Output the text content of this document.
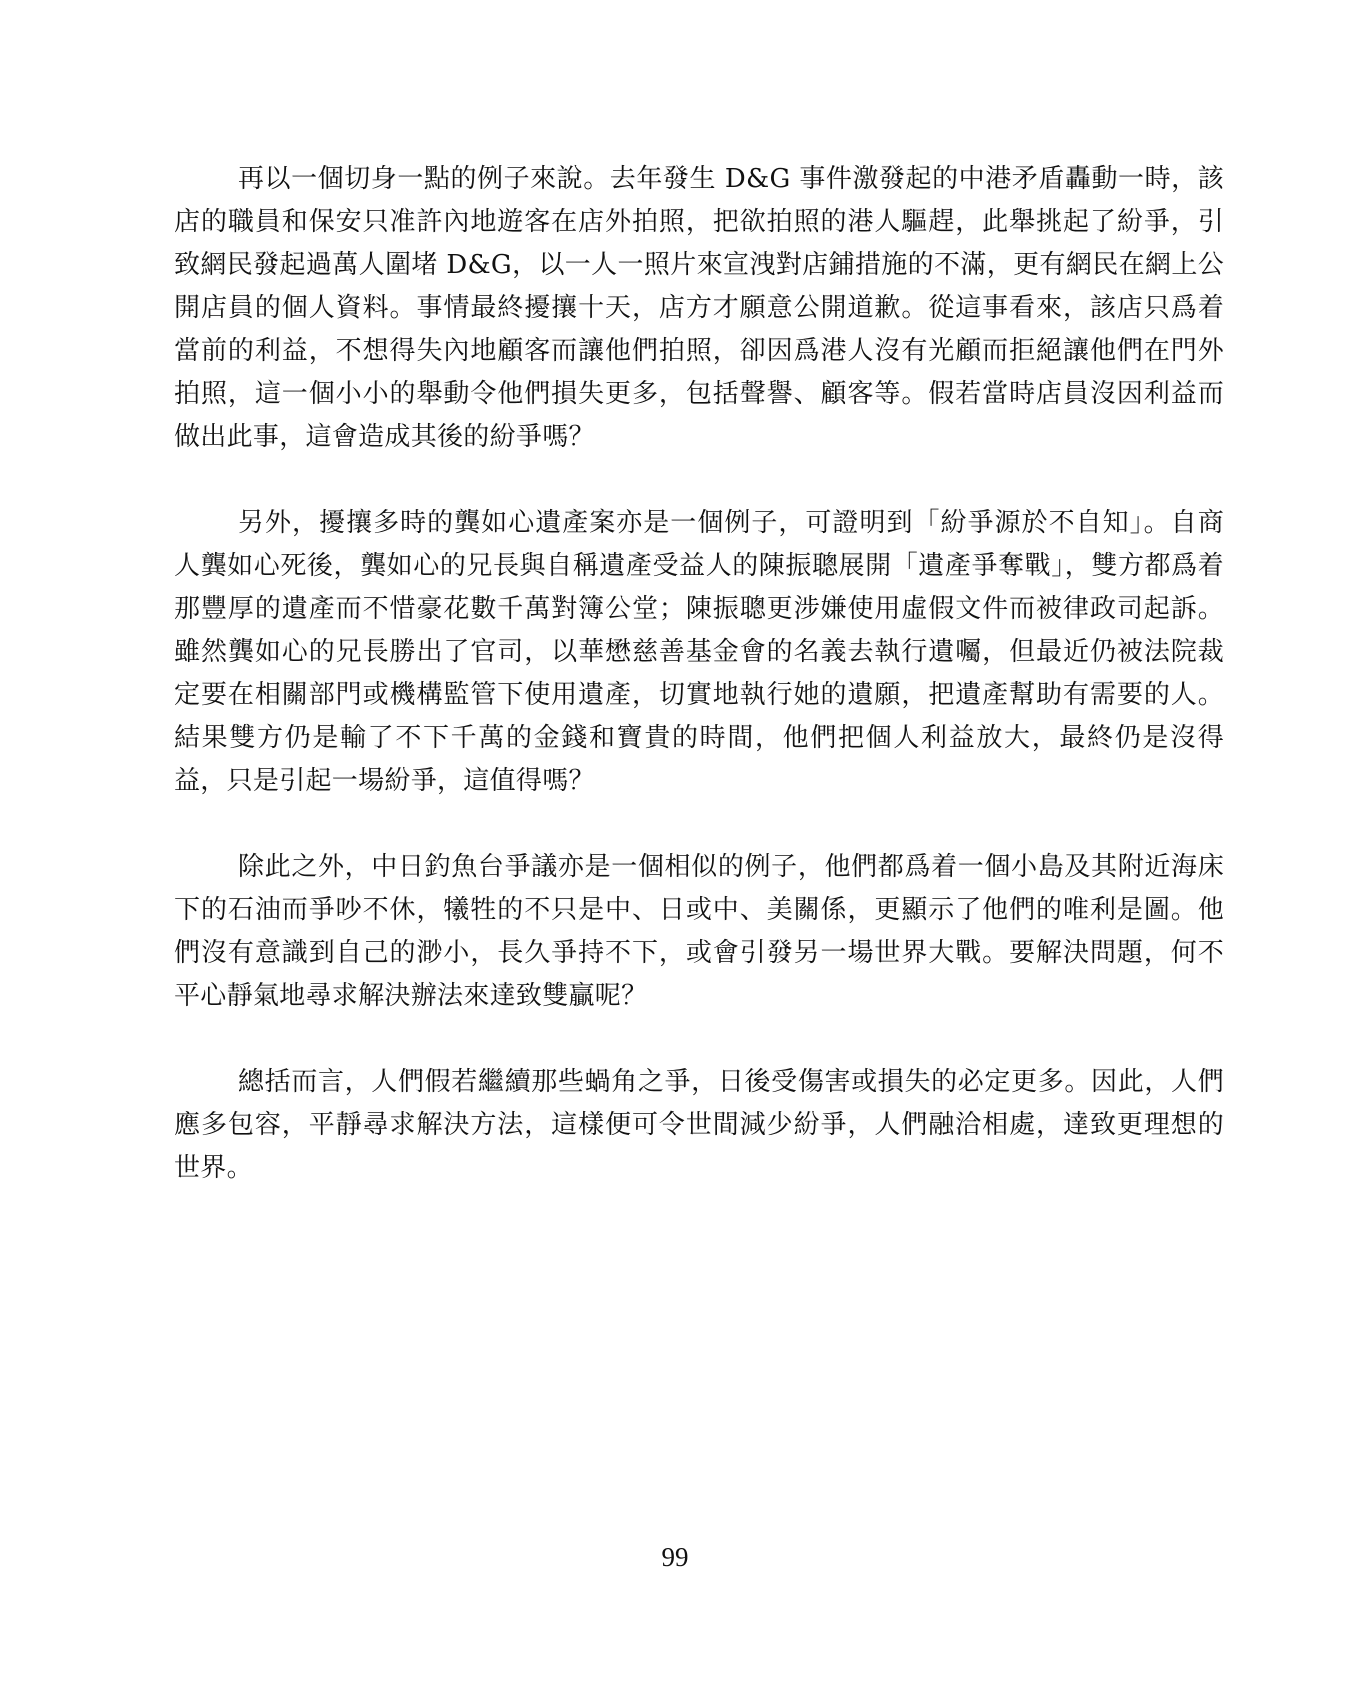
再以一個切身一點的例子來說。去年發生 D&G 事件激發起的中港矛盾轟動一時，該店的職員和保安只准許內地遊客在店外拍照，把欲拍照的港人驅趕，此舉挑起了紛爭，引致網民發起過萬人圍堵 D&G，以一人一照片來宣洩對店鋪措施的不滿，更有網民在網上公開店員的個人資料。事情最終擾攘十天，店方才願意公開道歉。從這事看來，該店只爲着當前的利益，不想得失內地顧客而讓他們拍照，卻因爲港人沒有光顧而拒絕讓他們在門外拍照，這一個小小的舉動令他們損失更多，包括聲譽、顧客等。假若當時店員沒因利益而做出此事，這會造成其後的紛爭嗎？

另外，擾攘多時的龔如心遺產案亦是一個例子，可證明到「紛爭源於不自知」。自商人龔如心死後，龔如心的兄長與自稱遺產受益人的陳振聰展開「遺產爭奪戰」，雙方都爲着那豐厚的遺產而不惜豪花數千萬對簿公堂；陳振聰更涉嫌使用虛假文件而被律政司起訴。雖然龔如心的兄長勝出了官司，以華懋慈善基金會的名義去執行遺囑，但最近仍被法院裁定要在相關部門或機構監管下使用遺產，切實地執行她的遺願，把遺產幫助有需要的人。結果雙方仍是輸了不下千萬的金錢和寶貴的時間，他們把個人利益放大，最終仍是沒得益，只是引起一場紛爭，這值得嗎？

除此之外，中日釣魚台爭議亦是一個相似的例子，他們都爲着一個小島及其附近海床下的石油而爭吵不休，犧牲的不只是中、日或中、美關係，更顯示了他們的唯利是圖。他們沒有意識到自己的渺小，長久爭持不下，或會引發另一場世界大戰。要解決問題，何不平心靜氣地尋求解決辦法來達致雙贏呢？

總括而言，人們假若繼續那些蝸角之爭，日後受傷害或損失的必定更多。因此，人們應多包容，平靜尋求解決方法，這樣便可令世間減少紛爭，人們融洽相處，達致更理想的世界。

99
